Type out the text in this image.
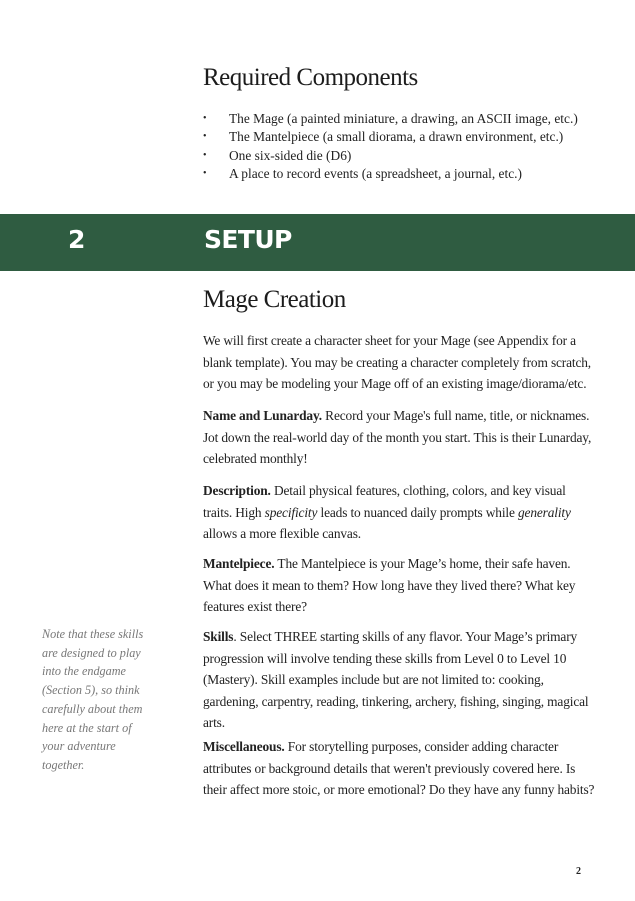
Required Components
• The Mage (a painted miniature, a drawing, an ASCII image, etc.)
• The Mantelpiece (a small diorama, a drawn environment, etc.)
• One six-sided die (D6)
• A place to record events (a spreadsheet, a journal, etc.)
2	SETUP
Mage Creation

We will first create a character sheet for your Mage (see Appendix for a blank template). You may be creating a character completely from scratch, or you may be modeling your Mage off of an existing image/diorama/etc.

Name and Lunarday. Record your Mage's full name, title, or nicknames. Jot down the real-world day of the month you start. This is their Lunarday, celebrated monthly!

Description. Detail physical features, clothing, colors, and key visual traits. High specificity leads to nuanced daily prompts while generality allows a more flexible canvas.

Mantelpiece. The Mantelpiece is your Mage’s home, their safe haven. What does it mean to them? How long have they lived there? What key features exist there?

Skills. Select THREE starting skills of any flavor. Your Mage’s primary progression will involve tending these skills from Level 0 to Level 10 (Mastery). Skill examples include but are not limited to: cooking, gardening, carpentry, reading, tinkering, archery, fishing, singing, magical arts.

Miscellaneous. For storytelling purposes, consider adding character attributes or background details that weren't previously covered here. Is their affect more stoic, or more emotional? Do they have any funny habits?

Note that these skills are designed to play into the endgame (Section 5), so think carefully about them here at the start of your adventure together.

2
